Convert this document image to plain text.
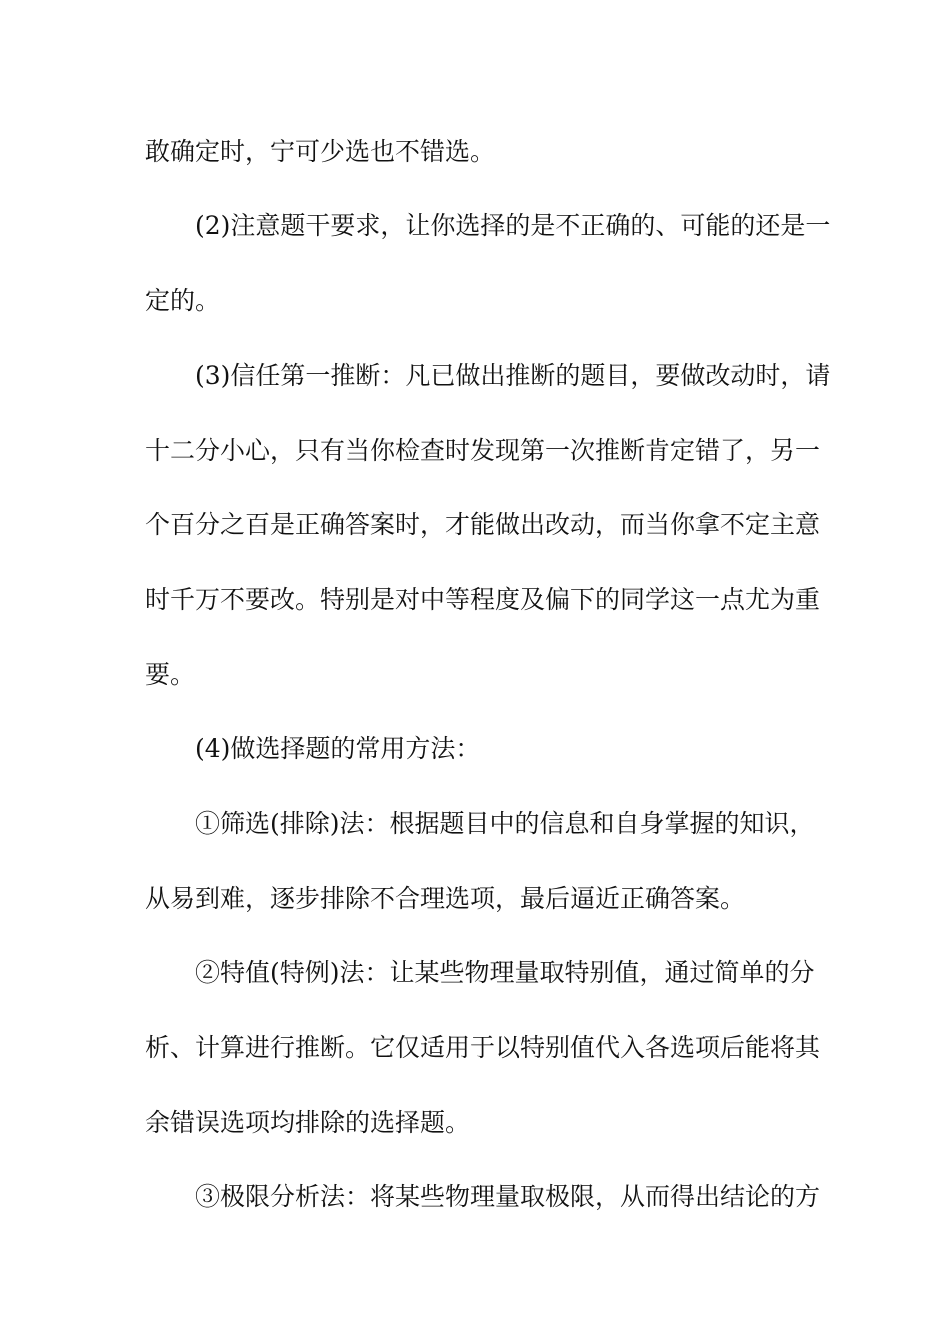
敢确定时，宁可少选也不错选。
(2)注意题干要求，让你选择的是不正确的、可能的还是一
定的。
(3)信任第一推断：凡已做出推断的题目，要做改动时，请
十二分小心，只有当你检查时发现第一次推断肯定错了，另一
个百分之百是正确答案时，才能做出改动，而当你拿不定主意
时千万不要改。特别是对中等程度及偏下的同学这一点尤为重
要。
(4)做选择题的常用方法：
①筛选(排除)法：根据题目中的信息和自身掌握的知识，
从易到难，逐步排除不合理选项，最后逼近正确答案。
②特值(特例)法：让某些物理量取特别值，通过简单的分
析、计算进行推断。它仅适用于以特别值代入各选项后能将其
余错误选项均排除的选择题。
③极限分析法：将某些物理量取极限，从而得出结论的方
